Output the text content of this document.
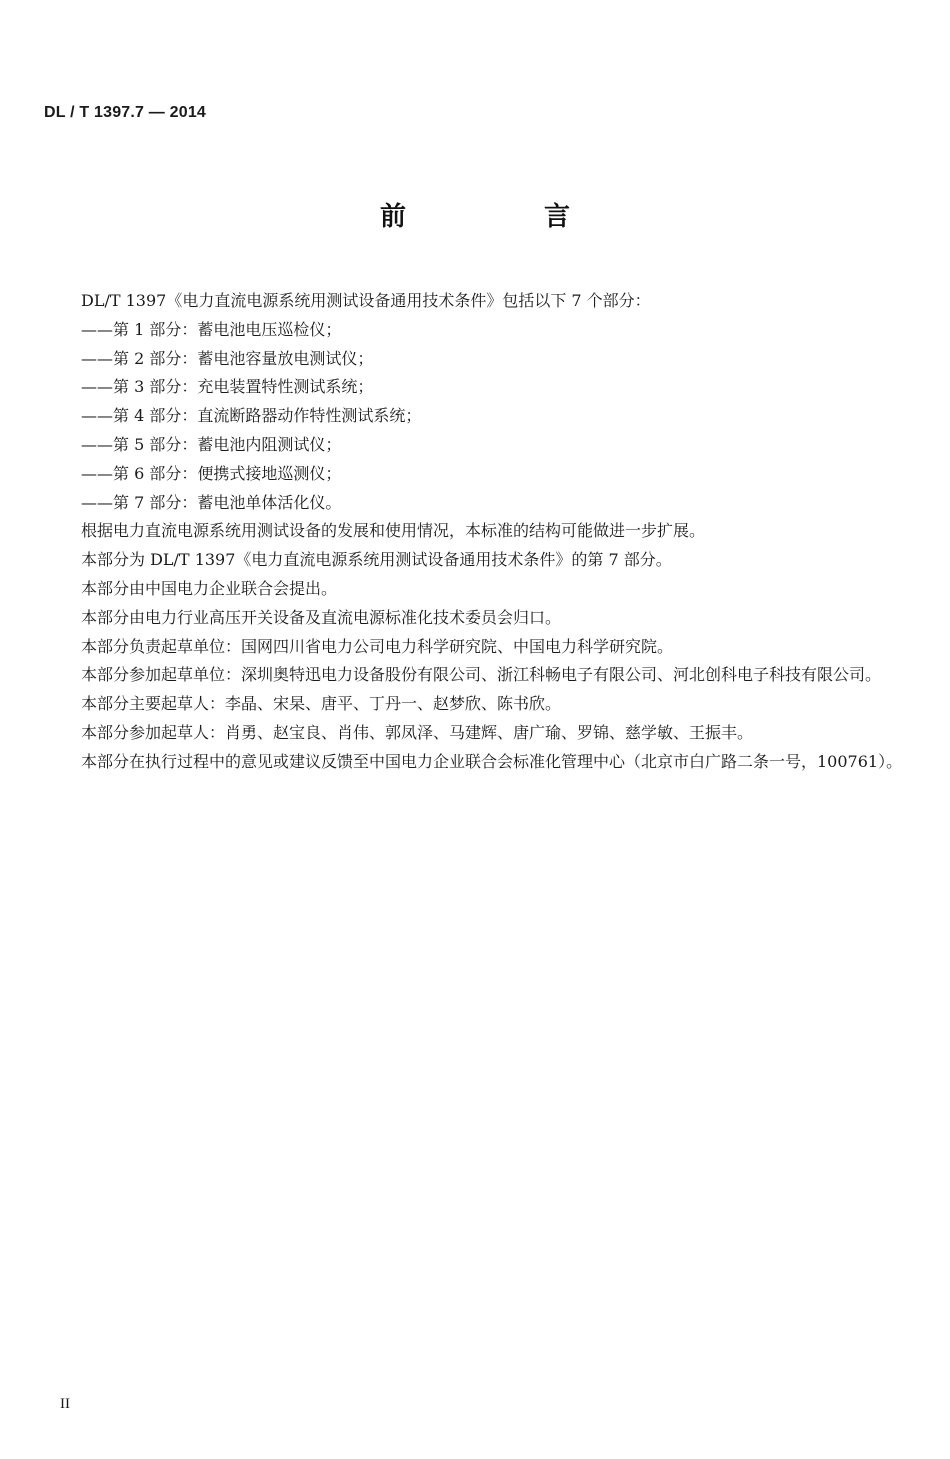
DL / T 1397.7 — 2014
前　言

DL/T 1397《电力直流电源系统用测试设备通用技术条件》包括以下 7 个部分：

——第 1 部分：蓄电池电压巡检仪；

——第 2 部分：蓄电池容量放电测试仪；

——第 3 部分：充电装置特性测试系统；

——第 4 部分：直流断路器动作特性测试系统；

——第 5 部分：蓄电池内阻测试仪；

——第 6 部分：便携式接地巡测仪；

——第 7 部分：蓄电池单体活化仪。

根据电力直流电源系统用测试设备的发展和使用情况，本标准的结构可能做进一步扩展。

本部分为 DL/T 1397《电力直流电源系统用测试设备通用技术条件》的第 7 部分。

本部分由中国电力企业联合会提出。

本部分由电力行业高压开关设备及直流电源标准化技术委员会归口。

本部分负责起草单位：国网四川省电力公司电力科学研究院、中国电力科学研究院。

本部分参加起草单位：深圳奥特迅电力设备股份有限公司、浙江科畅电子有限公司、河北创科电子科技有限公司。

本部分主要起草人：李晶、宋杲、唐平、丁丹一、赵梦欣、陈书欣。

本部分参加起草人：肖勇、赵宝良、肖伟、郭凤泽、马建辉、唐广瑜、罗锦、慈学敏、王振丰。

本部分在执行过程中的意见或建议反馈至中国电力企业联合会标准化管理中心（北京市白广路二条一号，100761）。

II
